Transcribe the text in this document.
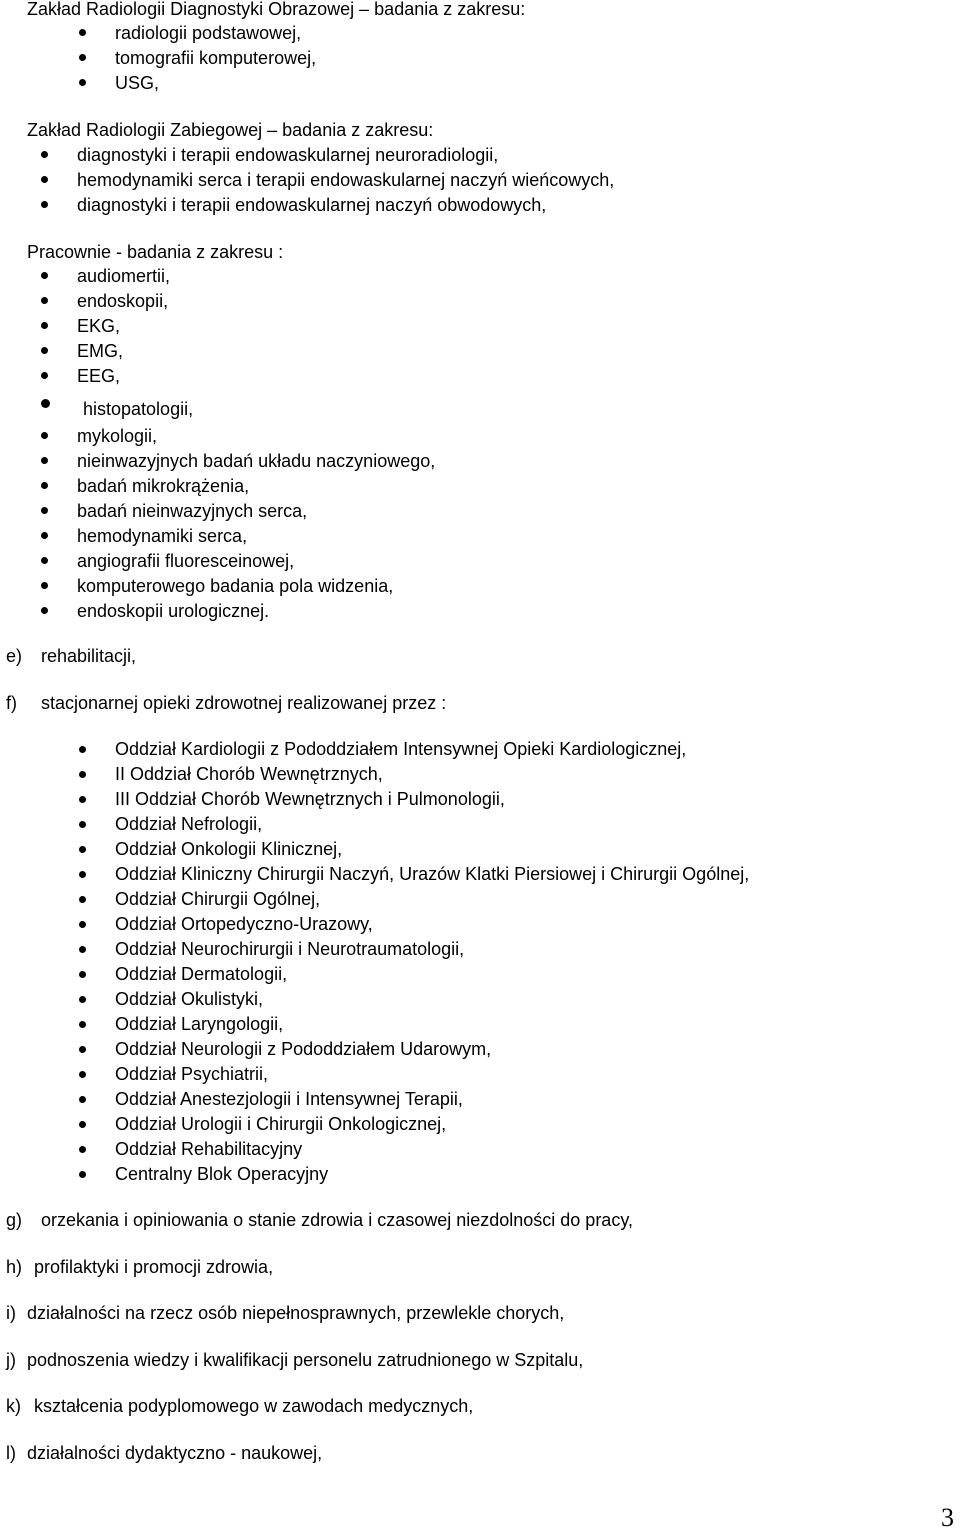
Zakład Radiologii Diagnostyki Obrazowej – badania z zakresu:
radiologii podstawowej,
tomografii komputerowej,
USG,
Zakład Radiologii Zabiegowej – badania z zakresu:
diagnostyki i terapii endowaskularnej neuroradiologii,
hemodynamiki serca i terapii endowaskularnej naczyń wieńcowych,
diagnostyki i terapii endowaskularnej naczyń obwodowych,
Pracownie - badania z zakresu :
audiomertii,
endoskopii,
EKG,
EMG,
EEG,
histopatologii,
mykologii,
nieinwazyjnych badań układu naczyniowego,
badań mikrokrążenia,
badań nieinwazyjnych serca,
hemodynamiki serca,
angiografii fluoresceinowej,
komputerowego badania pola widzenia,
endoskopii urologicznej.
e) rehabilitacji,
f) stacjonarnej opieki zdrowotnej realizowanej przez :
Oddział Kardiologii z Pododdziałem Intensywnej Opieki Kardiologicznej,
II Oddział Chorób Wewnętrznych,
III Oddział Chorób Wewnętrznych i Pulmonologii,
Oddział Nefrologii,
Oddział Onkologii Klinicznej,
Oddział Kliniczny Chirurgii Naczyń, Urazów Klatki Piersiowej i Chirurgii Ogólnej,
Oddział Chirurgii Ogólnej,
Oddział Ortopedyczno-Urazowy,
Oddział Neurochirurgii i Neurotraumatologii,
Oddział Dermatologii,
Oddział Okulistyki,
Oddział Laryngologii,
Oddział Neurologii z Pododdziałem Udarowym,
Oddział Psychiatrii,
Oddział Anestezjologii i Intensywnej Terapii,
Oddział Urologii i Chirurgii Onkologicznej,
Oddział Rehabilitacyjny
Centralny Blok Operacyjny
g) orzekania i opiniowania o stanie zdrowia i czasowej niezdolności do pracy,
h) profilaktyki i promocji zdrowia,
i) działalności na rzecz osób niepełnosprawnych, przewlekle chorych,
j) podnoszenia wiedzy i kwalifikacji personelu zatrudnionego w Szpitalu,
k) kształcenia podyplomowego w zawodach medycznych,
l) działalności dydaktyczno - naukowej,
3
